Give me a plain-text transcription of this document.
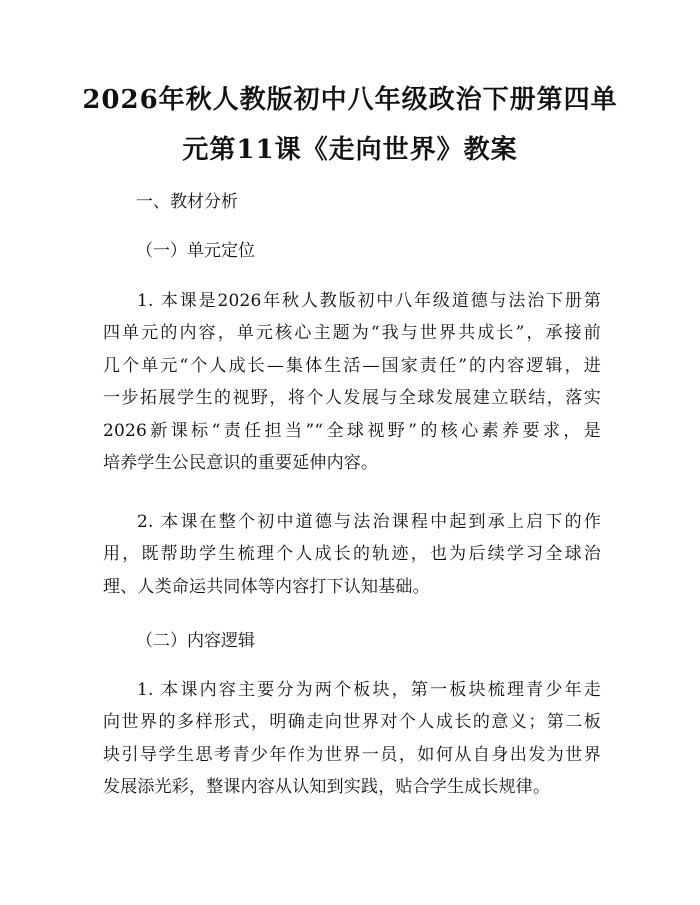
2026年秋人教版初中八年级政治下册第四单
元第11课《走向世界》教案
一、教材分析
（一）单元定位
1. 本课是2026年秋人教版初中八年级道德与法治下册第
四单元的内容，单元核心主题为“我与世界共成长”，承接前
几个单元“个人成长—集体生活—国家责任”的内容逻辑，进
一步拓展学生的视野，将个人发展与全球发展建立联结，落实
2026新课标“责任担当”“全球视野”的核心素养要求，是
培养学生公民意识的重要延伸内容。
2. 本课在整个初中道德与法治课程中起到承上启下的作
用，既帮助学生梳理个人成长的轨迹，也为后续学习全球治
理、人类命运共同体等内容打下认知基础。
（二）内容逻辑
1. 本课内容主要分为两个板块，第一板块梳理青少年走
向世界的多样形式，明确走向世界对个人成长的意义；第二板
块引导学生思考青少年作为世界一员，如何从自身出发为世界
发展添光彩，整课内容从认知到实践，贴合学生成长规律。
